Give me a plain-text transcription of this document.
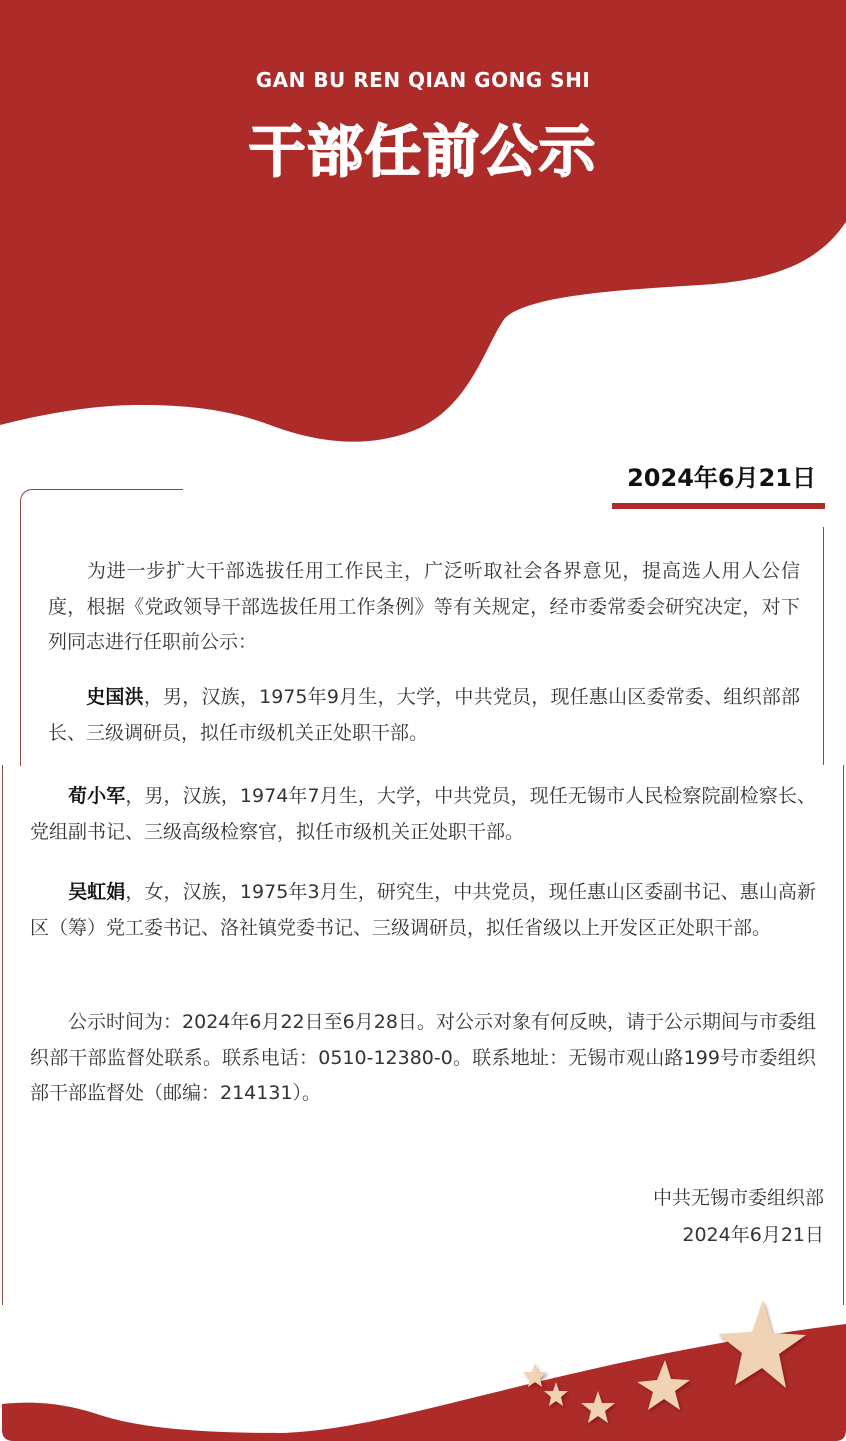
GAN BU REN QIAN GONG SHI
干部任前公示
2024年6月21日
为进一步扩大干部选拔任用工作民主，广泛听取社会各界意见，提高选人用人公信度，根据《党政领导干部选拔任用工作条例》等有关规定，经市委常委会研究决定，对下列同志进行任职前公示：
史国洪，男，汉族，1975年9月生，大学，中共党员，现任惠山区委常委、组织部部长、三级调研员，拟任市级机关正处职干部。
荀小军，男，汉族，1974年7月生，大学，中共党员，现任无锡市人民检察院副检察长、党组副书记、三级高级检察官，拟任市级机关正处职干部。
吴虹娟，女，汉族，1975年3月生，研究生，中共党员，现任惠山区委副书记、惠山高新区（筹）党工委书记、洛社镇党委书记、三级调研员，拟任省级以上开发区正处职干部。
公示时间为：2024年6月22日至6月28日。对公示对象有何反映，请于公示期间与市委组织部干部监督处联系。联系电话：0510-12380-0。联系地址：无锡市观山路199号市委组织部干部监督处（邮编：214131）。
中共无锡市委组织部
2024年6月21日
